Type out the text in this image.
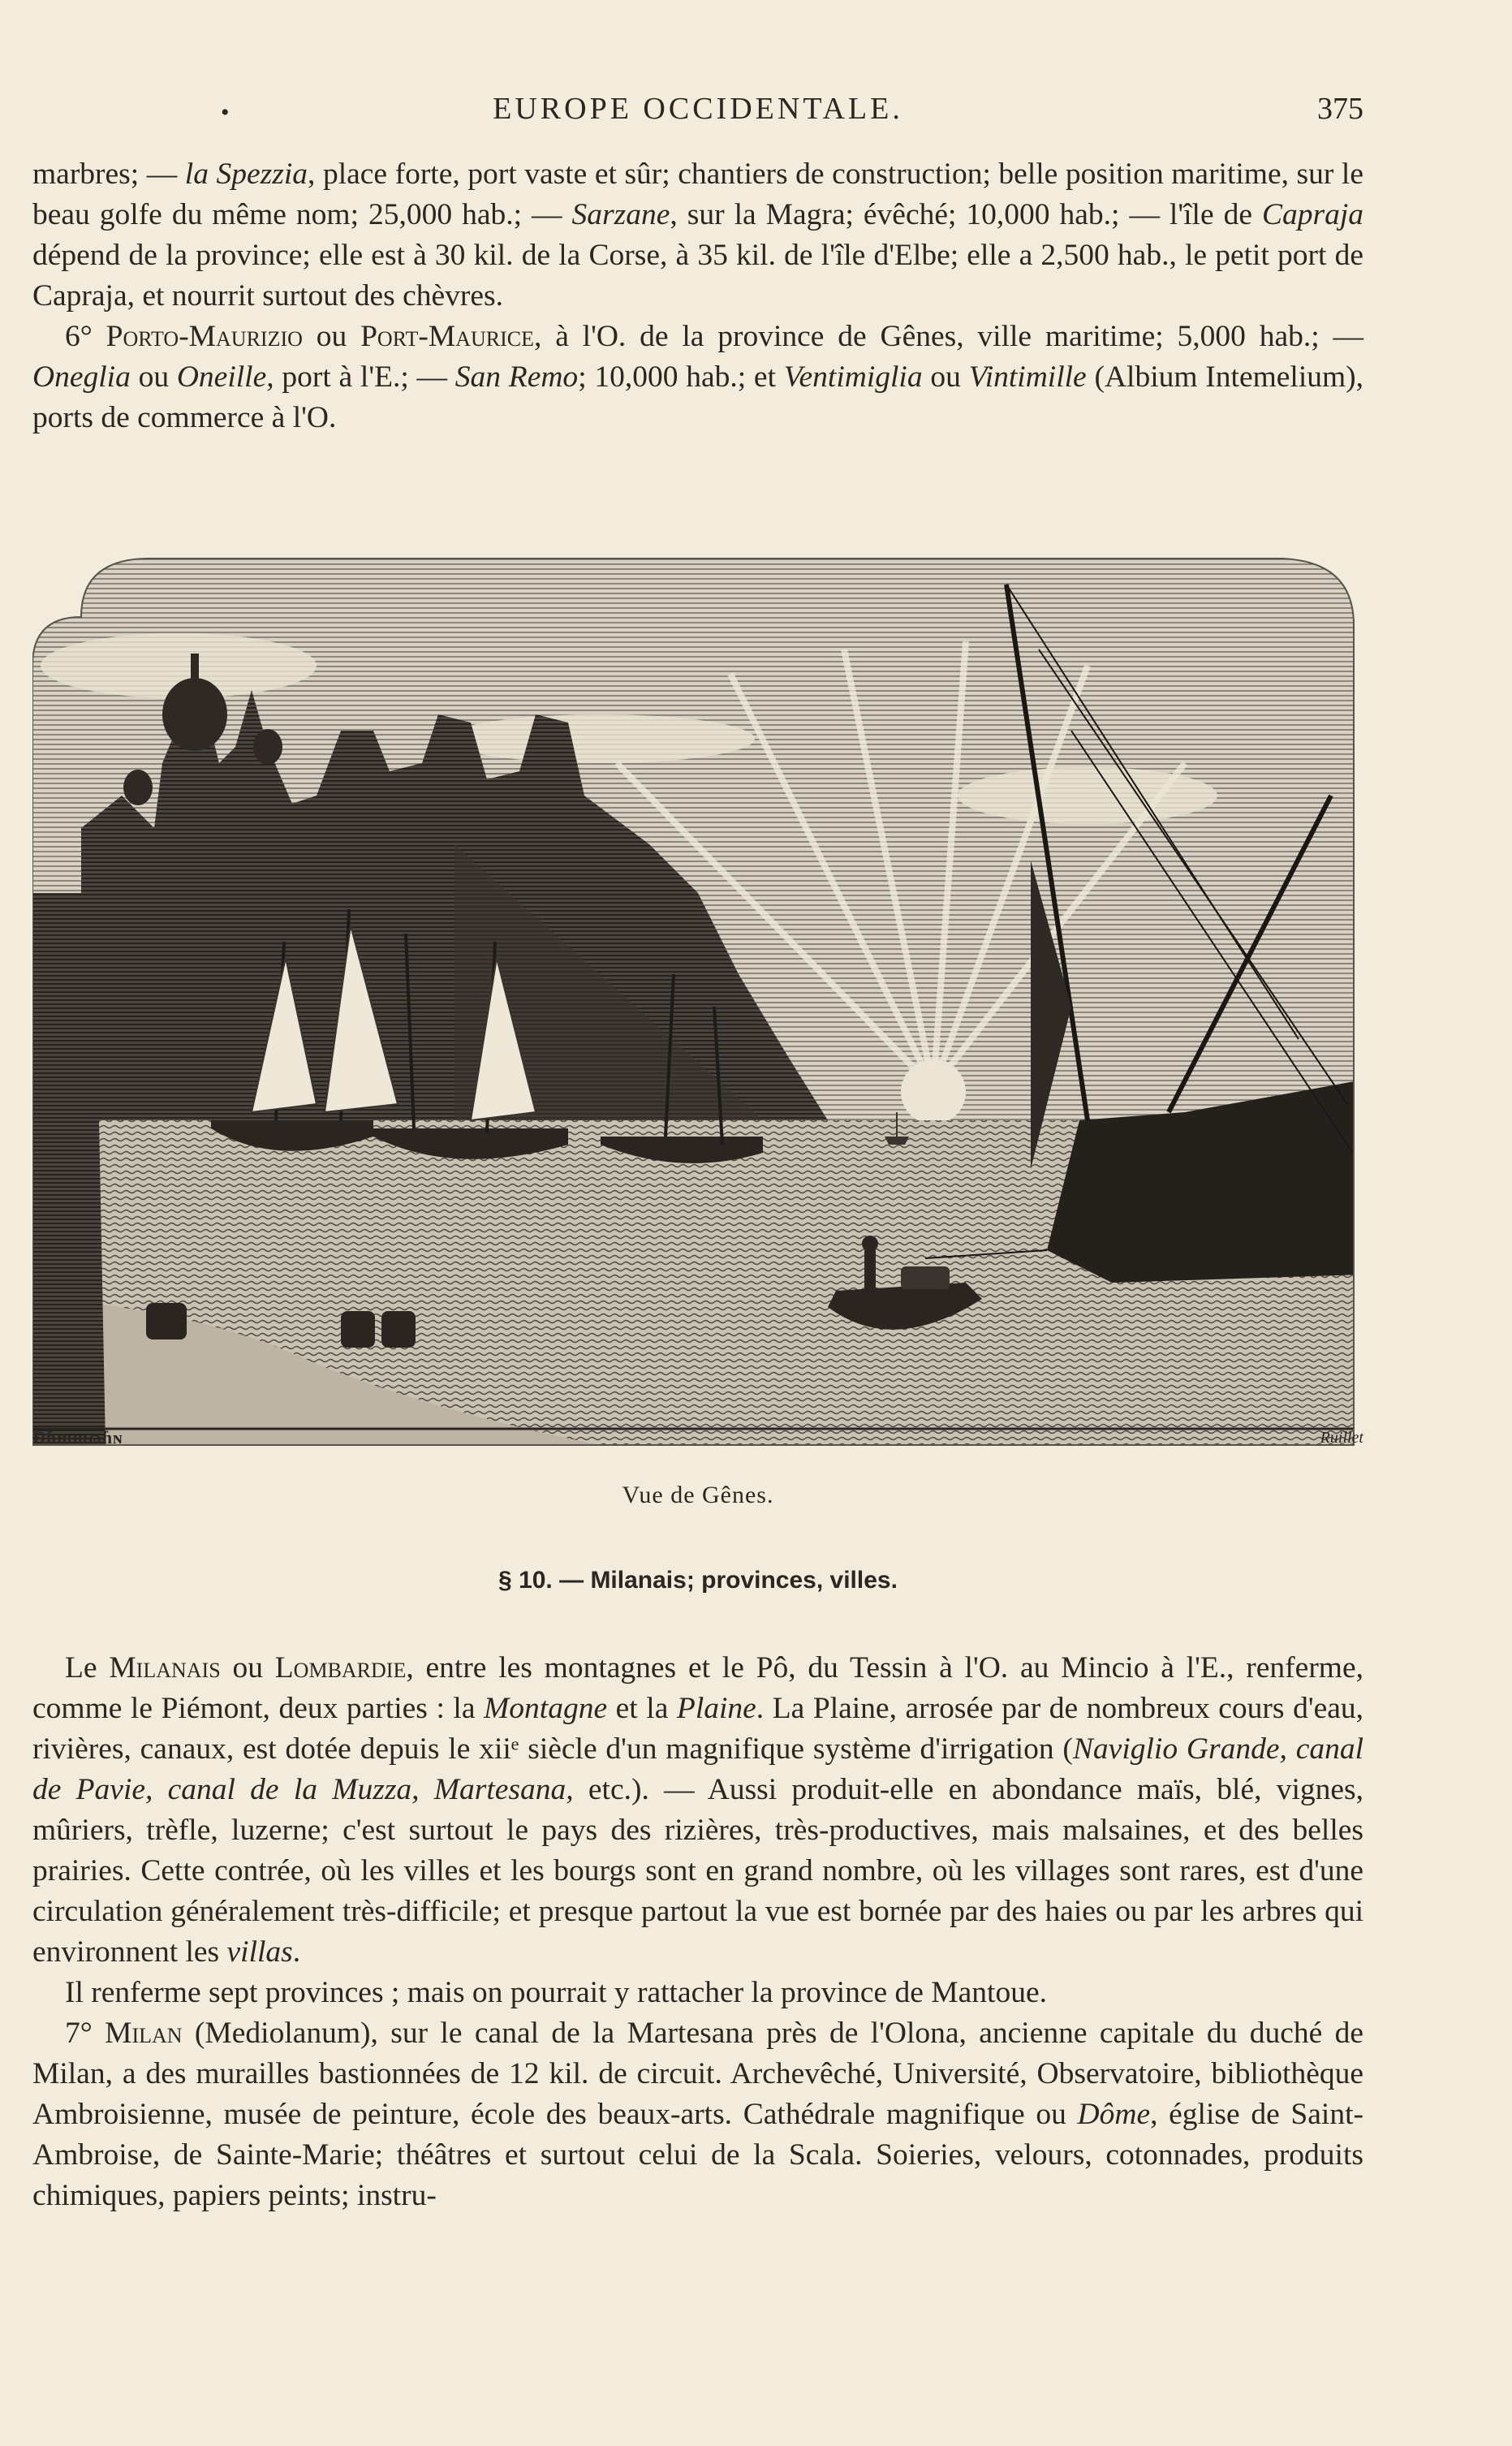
•	EUROPE OCCIDENTALE.	375

marbres; — la Spezzia, place forte, port vaste et sûr; chantiers de construction; belle position maritime, sur le beau golfe du même nom; 25,000 hab.; — Sarzane, sur la Magra; évêché; 10,000 hab.; — l'île de Capraja dépend de la province; elle est à 30 kil. de la Corse, à 35 kil. de l'île d'Elbe; elle a 2,500 hab., le petit port de Capraja, et nourrit surtout des chèvres.

6° Porto-Maurizio ou Port-Maurice, à l'O. de la province de Gênes, ville maritime; 5,000 hab.; — Oneglia ou Oneille, port à l'E.; — San Remo; 10,000 hab.; et Ventimiglia ou Vintimille (Albium Intemelium), ports de commerce à l'O.

Ɖɦɯɯɷɦɴ	Ruillet
Vue de Gênes.
§ 10. — Milanais; provinces, villes.

Le Milanais ou Lombardie, entre les montagnes et le Pô, du Tessin à l'O. au Mincio à l'E., renferme, comme le Piémont, deux parties : la Montagne et la Plaine. La Plaine, arrosée par de nombreux cours d'eau, rivières, canaux, est dotée depuis le xiiᵉ siècle d'un magnifique système d'irrigation (Naviglio Grande, canal de Pavie, canal de la Muzza, Martesana, etc.). — Aussi produit-elle en abondance maïs, blé, vignes, mûriers, trèfle, luzerne; c'est surtout le pays des rizières, très-productives, mais malsaines, et des belles prairies. Cette contrée, où les villes et les bourgs sont en grand nombre, où les villages sont rares, est d'une circulation généralement très-difficile; et presque partout la vue est bornée par des haies ou par les arbres qui environnent les villas.

Il renferme sept provinces ; mais on pourrait y rattacher la province de Mantoue.

7° Milan (Mediolanum), sur le canal de la Martesana près de l'Olona, ancienne capitale du duché de Milan, a des murailles bastionnées de 12 kil. de circuit. Archevêché, Université, Observatoire, bibliothèque Ambroisienne, musée de peinture, école des beaux-arts. Cathédrale magnifique ou Dôme, église de Saint-Ambroise, de Sainte-Marie; théâtres et surtout celui de la Scala. Soieries, velours, cotonnades, produits chimiques, papiers peints; instru-
